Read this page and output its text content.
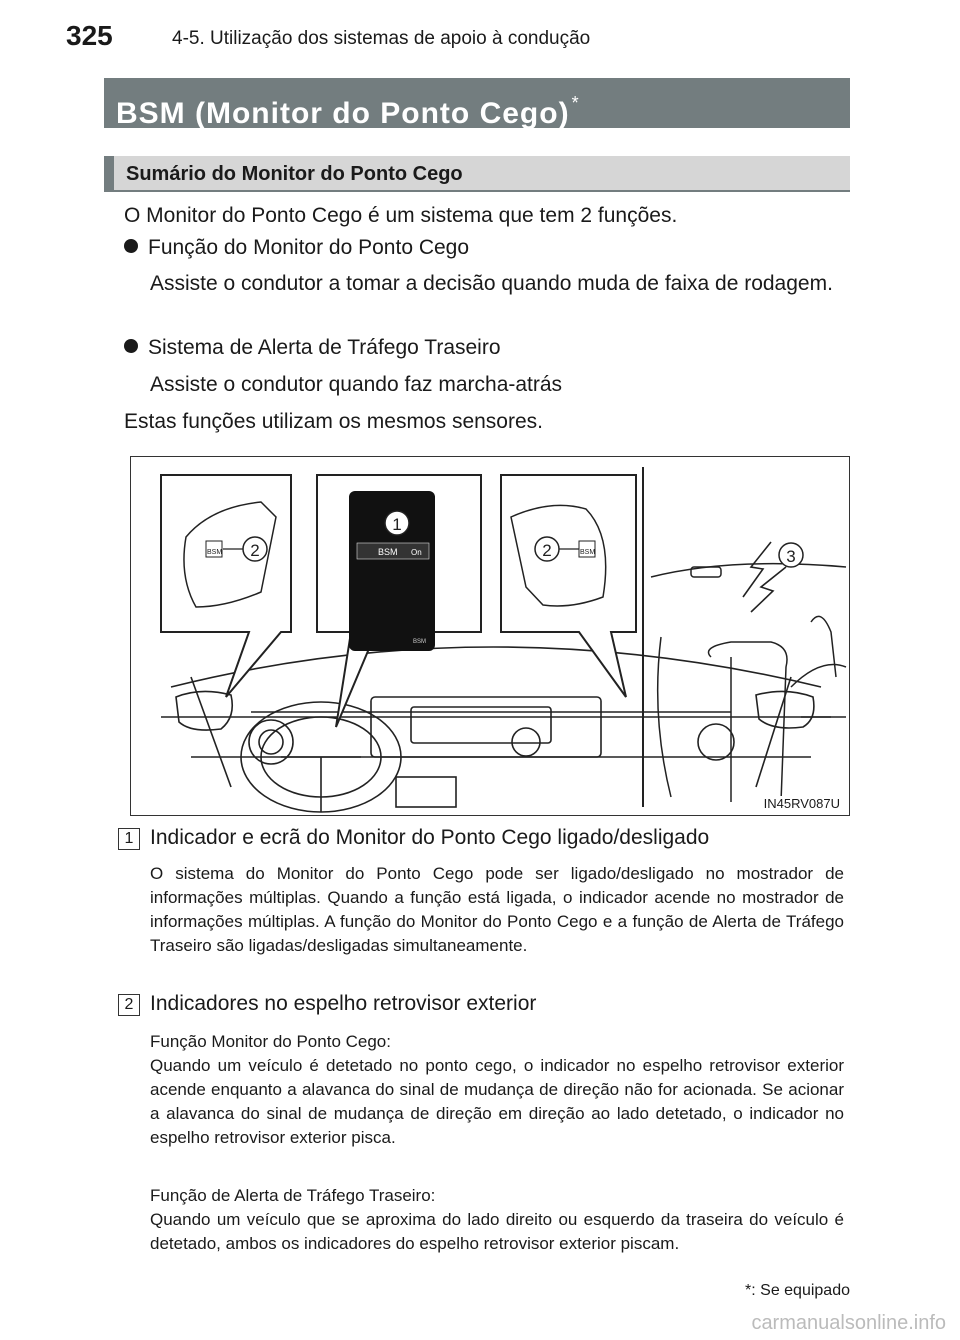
325	4-5. Utilização dos sistemas de apoio à condução
BSM (Monitor do Ponto Cego) *
Sumário do Monitor do Ponto Cego
O Monitor do Ponto Cego é um sistema que tem 2 funções.
Função do Monitor do Ponto Cego
Assiste o condutor a tomar a decisão quando muda de faixa de rodagem.
Sistema de Alerta de Tráfego Traseiro
Assiste o condutor quando faz marcha-atrás
Estas funções utilizam os mesmos sensores.
BSM 2	BSM On
BSM
1
BSM
2	3
IN45RV087U
1 Indicador e ecrã do Monitor do Ponto Cego ligado/desligado
O sistema do Monitor do Ponto Cego pode ser ligado/desligado no mostrador de informações múltiplas. Quando a função está ligada, o indicador acende no mostrador de informações múltiplas. A função do Monitor do Ponto Cego e a função de Alerta de Tráfego Traseiro são ligadas/desligadas simultaneamente.
2 Indicadores no espelho retrovisor exterior
Função Monitor do Ponto Cego:
Quando um veículo é detetado no ponto cego, o indicador no espelho retrovisor exterior acende enquanto a alavanca do sinal de mudança de direção não for acionada. Se acionar a alavanca do sinal de mudança de direção em direção ao lado detetado, o indicador no espelho retrovisor exterior pisca.
Função de Alerta de Tráfego Traseiro:
Quando um veículo que se aproxima do lado direito ou esquerdo da traseira do veículo é detetado, ambos os indicadores do espelho retrovisor exterior piscam.
*: Se equipado
carmanualsonline.info
